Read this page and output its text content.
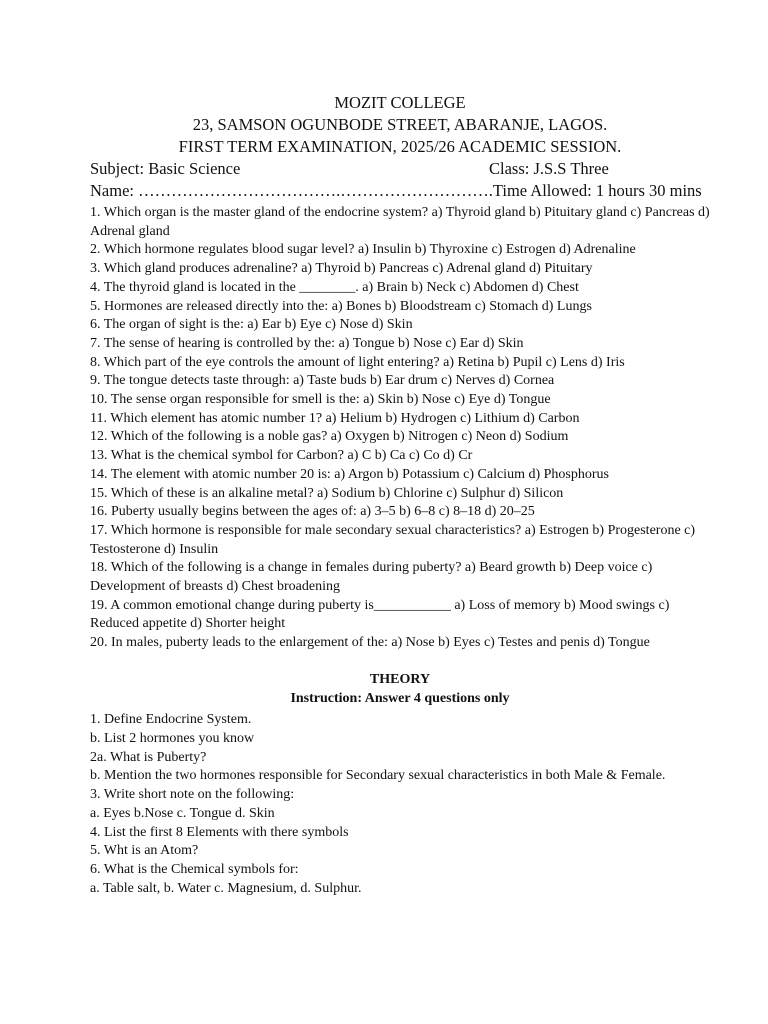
MOZIT COLLEGE
23, SAMSON OGUNBODE STREET, ABARANJE, LAGOS.
FIRST TERM EXAMINATION, 2025/26 ACADEMIC SESSION.
Subject: Basic Science	Class: J.S.S Three
Name: ……………………………….……………………….Time Allowed: 1 hours 30 mins
1. Which organ is the master gland of the endocrine system? a) Thyroid gland b) Pituitary gland c) Pancreas d) Adrenal gland
2. Which hormone regulates blood sugar level? a) Insulin b) Thyroxine c) Estrogen d) Adrenaline
3. Which gland produces adrenaline? a) Thyroid b) Pancreas c) Adrenal gland d) Pituitary
4. The thyroid gland is located in the ________. a) Brain b) Neck c) Abdomen d) Chest
5. Hormones are released directly into the: a) Bones b) Bloodstream c) Stomach d) Lungs
6. The organ of sight is the: a) Ear b) Eye c) Nose d) Skin
7. The sense of hearing is controlled by the: a) Tongue b) Nose c) Ear d) Skin
8. Which part of the eye controls the amount of light entering? a) Retina b) Pupil c) Lens d) Iris
9. The tongue detects taste through: a) Taste buds b) Ear drum c) Nerves d) Cornea
10. The sense organ responsible for smell is the: a) Skin b) Nose c) Eye d) Tongue
11. Which element has atomic number 1? a) Helium b) Hydrogen c) Lithium d) Carbon
12. Which of the following is a noble gas? a) Oxygen b) Nitrogen c) Neon d) Sodium
13. What is the chemical symbol for Carbon? a) C b) Ca c) Co d) Cr
14. The element with atomic number 20 is: a) Argon b) Potassium c) Calcium d) Phosphorus
15. Which of these is an alkaline metal? a) Sodium b) Chlorine c) Sulphur d) Silicon
16. Puberty usually begins between the ages of: a) 3–5 b) 6–8 c) 8–18 d) 20–25
17. Which hormone is responsible for male secondary sexual characteristics? a) Estrogen b) Progesterone c) Testosterone d) Insulin
18. Which of the following is a change in females during puberty? a) Beard growth b) Deep voice c) Development of breasts d) Chest broadening
19. A common emotional change during puberty is___________ a) Loss of memory b) Mood swings c) Reduced appetite d) Shorter height
20. In males, puberty leads to the enlargement of the: a) Nose b) Eyes c) Testes and penis d) Tongue
THEORY
Instruction: Answer 4 questions only
1. Define Endocrine System.
b. List 2 hormones you know
2a. What is Puberty?
b. Mention the two hormones responsible for Secondary sexual characteristics in both Male & Female.
3. Write short note on the following:
a. Eyes b.Nose c. Tongue d. Skin
4. List the first 8 Elements with there symbols
5. Wht is an Atom?
6. What is the Chemical symbols for:
a. Table salt, b. Water c. Magnesium, d. Sulphur.
